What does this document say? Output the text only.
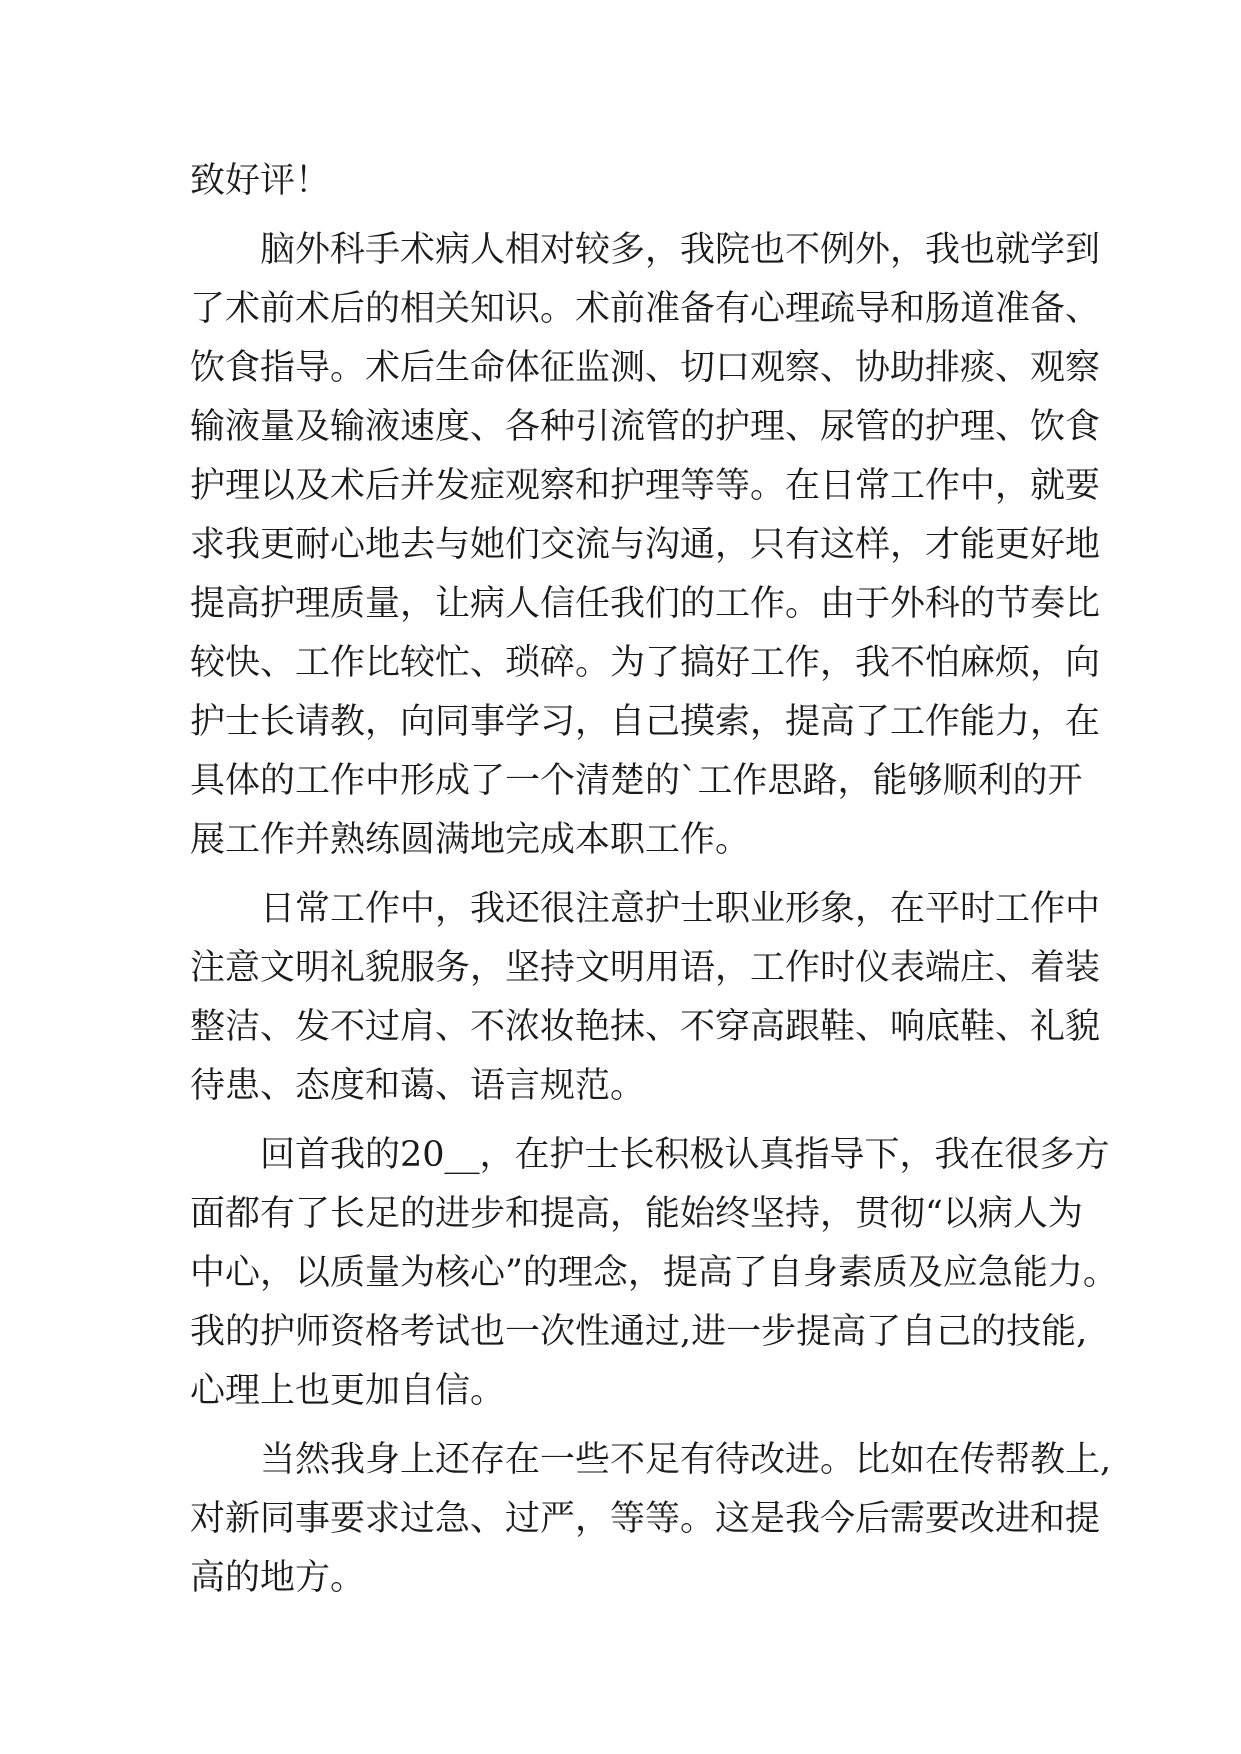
致好评！
脑外科手术病人相对较多，我院也不例外，我也就学到
了术前术后的相关知识。术前准备有心理疏导和肠道准备、
饮食指导。术后生命体征监测、切口观察、协助排痰、观察
输液量及输液速度、各种引流管的护理、尿管的护理、饮食
护理以及术后并发症观察和护理等等。在日常工作中，就要
求我更耐心地去与她们交流与沟通，只有这样，才能更好地
提高护理质量，让病人信任我们的工作。由于外科的节奏比
较快、工作比较忙、琐碎。为了搞好工作，我不怕麻烦，向
护士长请教，向同事学习，自己摸索，提高了工作能力，在
具体的工作中形成了一个清楚的`工作思路，能够顺利的开
展工作并熟练圆满地完成本职工作。
日常工作中，我还很注意护士职业形象，在平时工作中
注意文明礼貌服务，坚持文明用语，工作时仪表端庄、着装
整洁、发不过肩、不浓妆艳抹、不穿高跟鞋、响底鞋、礼貌
待患、态度和蔼、语言规范。
回首我的20__，在护士长积极认真指导下，我在很多方
面都有了长足的进步和提高，能始终坚持，贯彻“以病人为
中心，以质量为核心”的理念，提高了自身素质及应急能力。
我的护师资格考试也一次性通过,进一步提高了自己的技能,
心理上也更加自信。
当然我身上还存在一些不足有待改进。比如在传帮教上,
对新同事要求过急、过严，等等。这是我今后需要改进和提
高的地方。
